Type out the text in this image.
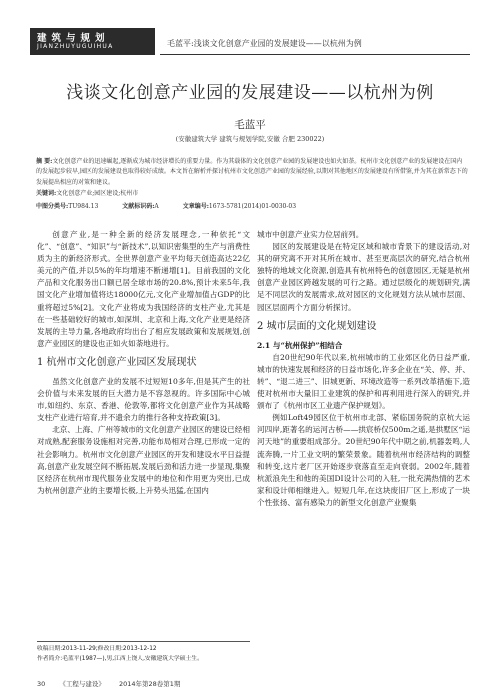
建筑与规划
JIANZHUYUGUIHUA	毛蓝平:浅谈文化创意产业园的发展建设——以杭州为例
浅谈文化创意产业园的发展建设——以杭州为例
毛蓝平
(安徽建筑大学 建筑与规划学院,安徽 合肥 230022)
摘 要:文化创意产业的迅速崛起,逐渐成为城市经济增长的重要力量。作为其载体的文化创意产业园的发展建设也如火如荼。杭州市文化创意产业的发展建设在国内的发展起步较早,园区的发展建设也取得较好成绩。本文旨在解析并探讨杭州市文化创意产业园的发展经验,以期对其他地区的发展建设有所借鉴,并为其在新常态下的发展提出相应的对策和建议。
关键词:文化创意产业;园区建设;杭州市
中图分类号:TU984.13	文献标识码:A	文章编号:1673-5781(2014)01-0030-03

创意产业,是一种全新的经济发展理念,一种依托“文化”、“创意”、“知识”与“新技术”,以知识密集型的生产与消费性质为主的新经济形式。全世界创意产业平均每天创造高达22亿美元的产值,并以5%的年均增速不断递增[1]。目前我国的文化产品和文化服务出口额已居全球市场的20.8%,预计未来5年,我国文化产业增加值将达18000亿元,文化产业增加值占GDP的比重将超过5%[2]。文化产业将成为我国经济的支柱产业,尤其是在一些基础较好的城市,如深圳、北京和上海,文化产业更是经济发展的主导力量,各地政府均出台了相应发展政策和发展规划,创意产业园区的建设也正如火如荼地进行。

1 杭州市文化创意产业园区发展现状

虽然文化创意产业的发展不过短短10多年,但是其产生的社会价值与未来发展的巨大潜力是不容忽视的。许多国际中心城市,如纽约、东京、香港、伦敦等,都将文化创意产业作为其战略支柱产业进行培育,并不遗余力的推行各种支持政策[3]。

北京、上海、广州等城市的文化创意产业园区的建设已经相对成熟,配套服务设施相对完善,功能布局相对合理,已形成一定的社会影响力。杭州市文化创意产业园区的开发和建设水平日益提高,创意产业发展空间不断拓展,发展后劲和活力进一步显现,集聚区经济在杭州市现代服务业发展中的地位和作用更为突出,已成为杭州创意产业的主要增长极,上升势头迅猛,在国内

城市中创意产业实力位居前列。

园区的发展建设是在特定区域和城市背景下的建设活动,对其的研究离不开对其所在城市、甚至更高层次的研究,结合杭州独特的地域文化资源,创造具有杭州特色的创意园区,无疑是杭州创意产业园区跨越发展的可行之路。通过层级化的规划研究,满足不同层次的发展需求,故对园区的文化规划方法从城市层面、园区层面两个方面分析探讨。

2 城市层面的文化规划建设
2.1 与“杭州保护”相结合

自20世纪90年代以来,杭州城市的工业郊区化仍日益严重,城市的快速发展和经济的日益市场化,许多企业在“关、停、并、转”、“退二进三”、旧城更新、环境改造等一系列改革措施下,造使对杭州市大量旧工业建筑的保护和再利用进行深入的研究,并颁布了《杭州市区工业遗产保护规划》。

例如Loft49园区位于杭州市北部、紧临国务院的京杭大运河四岸,距著名的运河古桥——拱宸桥仅500m之遥,是拱墅区“运河天地”的重要组成部分。20世纪90年代中期之前,机器轰鸣,人流奔腾,一片工业文明的繁荣景象。随着杭州市经济结构的调整和转变,这片老厂区开始逐步衰落直至走向衰弱。2002年,随着杭派浪先生和他的美国DI设计公司的入驻,一批充满热情的艺术家和设计师相继进入。短短几年,在这块废旧厂区上,形成了一块个性张扬、富有感染力的新型文化创意产业聚集

收稿日期:2013-11-29;修改日期:2013-12-12
作者简介:毛蓝平(1987—),男,江西上饶人,安徽建筑大学硕士生。
30 《工程与建设》 2014年第28卷第1期
